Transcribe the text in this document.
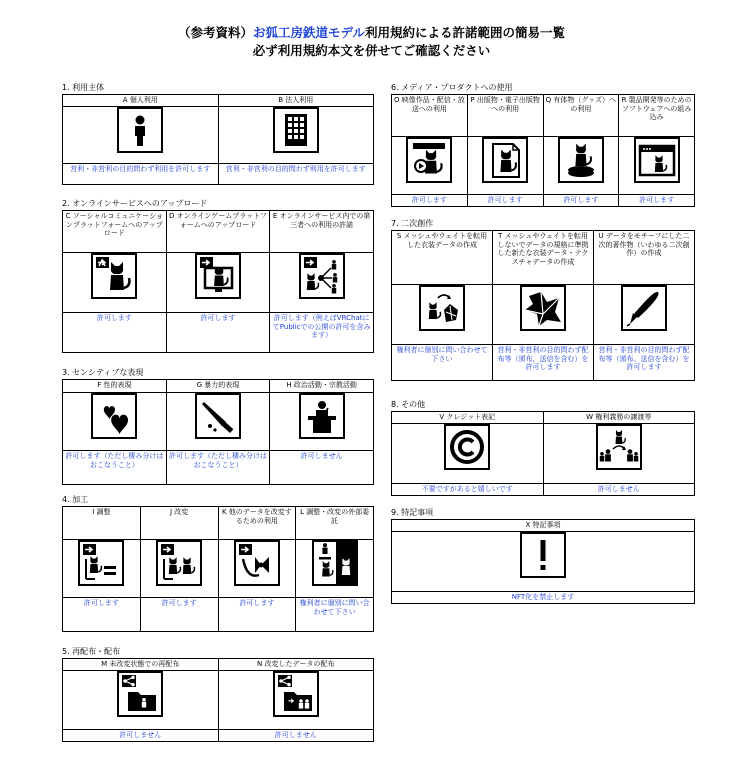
（参考資料）お狐工房鉄道モデル利用規約による許諾範囲の簡易一覧
必ず利用規約本文を併せてご確認ください
1. 利用主体
A 個人利用	B 法人利用

営利・非営利の目的問わず利用を許可します	営利・非営利の目的問わず利用を許可します
2. オンラインサービスへのアップロード
C ソーシャルコミュニケーションプラットフォームへのアップロード	D オンラインゲームプラットフォームへのアップロード	E オンラインサービス内での第三者への利用の許諾

許可します	許可します	許可します（例えばVRChatにてPublicでの公開の許可を含みます）
3. センシティブな表現
F 性的表現	G 暴力的表現	H 政治活動・宗教活動

許可します（ただし棲み分けはおこなうこと）	許可します（ただし棲み分けはおこなうこと）	許可しません
4. 加工
I 調整	J 改変	K 他のデータを改変するための利用	L 調整・改変の外部委託

許可します	許可します	許可します	権利者に個別に問い合わせて下さい
5. 再配布・配布
M 未改変状態での再配布	N 改変したデータの配布

許可しません	許可しません
6. メディア・プロダクトへの使用
O 映像作品・配信・放送への利用	P 出版物・電子出版物への利用	Q 有体物（グッズ）への利用	R 製品開発等のためのソフトウェアへの組み込み

許可します	許可します	許可します	許可します
7. 二次創作
S メッシュやウェイトを転用した衣装データの作成	T メッシュやウェイトを転用しないでデータの規格に準拠した新たな衣装データ・テクスチャデータの作成	U データをモチーフにした二次的著作物（いわゆる二次創作）の作成

権利者に個別に問い合わせて下さい	営利・非営利の目的問わず配布等（頒布、送信を含む）を許可します	営利・非営利の目的問わず配布等（頒布、送信を含む）を許可します
8. その他
V クレジット表記	W 権利義務の譲渡等

不要ですがあると嬉しいです	許可しません
9. 特記事項
X 特記事項

NFT化を禁止します
